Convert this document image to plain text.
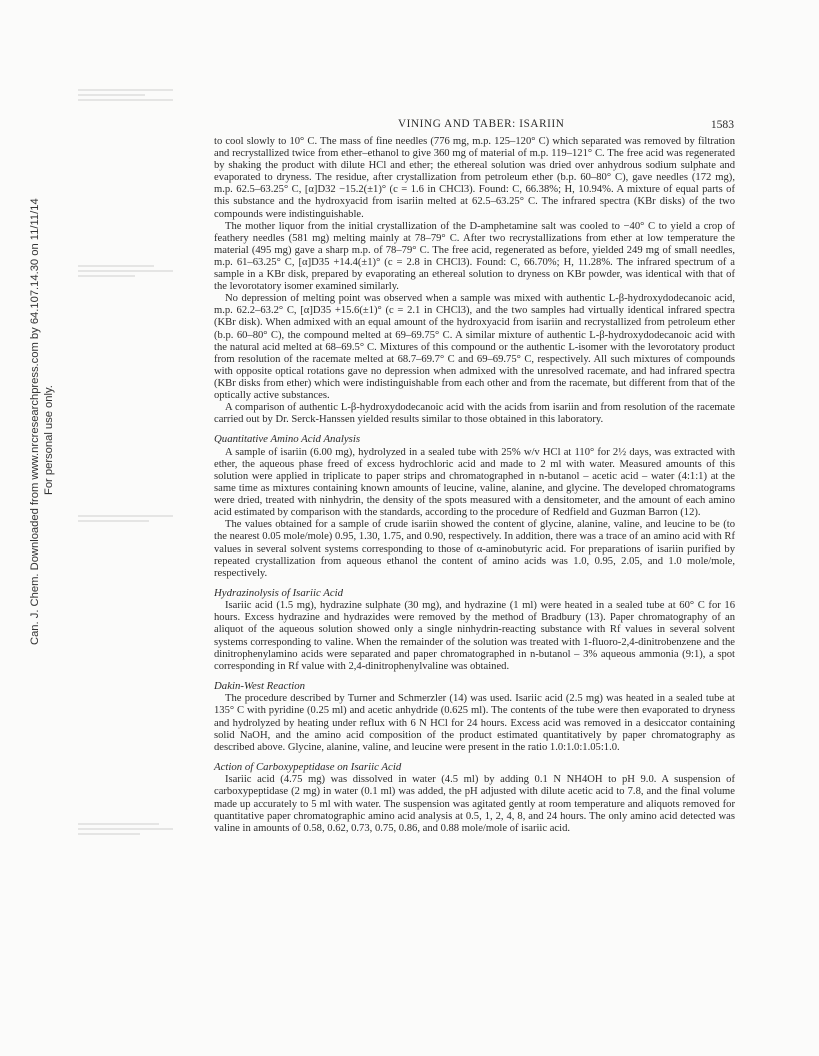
Can. J. Chem. Downloaded from www.nrcresearchpress.com by 64.107.14.30 on 11/11/14 For personal use only.
VINING AND TABER: ISARIIN	1583

to cool slowly to 10° C. The mass of fine needles (776 mg, m.p. 125–120° C) which separated was removed by filtration and recrystallized twice from ether–ethanol to give 360 mg of material of m.p. 119–121° C. The free acid was regenerated by shaking the product with dilute HCl and ether; the ethereal solution was dried over anhydrous sodium sulphate and evaporated to dryness. The residue, after crystallization from petroleum ether (b.p. 60–80° C), gave needles (172 mg), m.p. 62.5–63.25° C, [α]D32 −15.2(±1)° (c = 1.6 in CHCl3). Found: C, 66.38%; H, 10.94%. A mixture of equal parts of this substance and the hydroxyacid from isariin melted at 62.5–63.25° C. The infrared spectra (KBr disks) of the two compounds were indistinguishable.

The mother liquor from the initial crystallization of the D-amphetamine salt was cooled to −40° C to yield a crop of feathery needles (581 mg) melting mainly at 78–79° C. After two recrystallizations from ether at low temperature the material (495 mg) gave a sharp m.p. of 78–79° C. The free acid, regenerated as before, yielded 249 mg of small needles, m.p. 61–63.25° C, [α]D35 +14.4(±1)° (c = 2.8 in CHCl3). Found: C, 66.70%; H, 11.28%. The infrared spectrum of a sample in a KBr disk, prepared by evaporating an ethereal solution to dryness on KBr powder, was identical with that of the levorotatory isomer examined similarly.

No depression of melting point was observed when a sample was mixed with authentic L-β-hydroxydodecanoic acid, m.p. 62.2–63.2° C, [α]D35 +15.6(±1)° (c = 2.1 in CHCl3), and the two samples had virtually identical infrared spectra (KBr disk). When admixed with an equal amount of the hydroxyacid from isariin and recrystallized from petroleum ether (b.p. 60–80° C), the compound melted at 69–69.75° C. A similar mixture of authentic L-β-hydroxydodecanoic acid with the natural acid melted at 68–69.5° C. Mixtures of this compound or the authentic L-isomer with the levorotatory product from resolution of the racemate melted at 68.7–69.7° C and 69–69.75° C, respectively. All such mixtures of compounds with opposite optical rotations gave no depression when admixed with the unresolved racemate, and had infrared spectra (KBr disks from ether) which were indistinguishable from each other and from the racemate, but different from that of the optically active substances.

A comparison of authentic L-β-hydroxydodecanoic acid with the acids from isariin and from resolution of the racemate carried out by Dr. Serck-Hanssen yielded results similar to those obtained in this laboratory.

Quantitative Amino Acid Analysis

A sample of isariin (6.00 mg), hydrolyzed in a sealed tube with 25% w/v HCl at 110° for 2½ days, was extracted with ether, the aqueous phase freed of excess hydrochloric acid and made to 2 ml with water. Measured amounts of this solution were applied in triplicate to paper strips and chromatographed in n-butanol – acetic acid – water (4:1:1) at the same time as mixtures containing known amounts of leucine, valine, alanine, and glycine. The developed chromatograms were dried, treated with ninhydrin, the density of the spots measured with a densitometer, and the amount of each amino acid estimated by comparison with the standards, according to the procedure of Redfield and Guzman Barron (12).

The values obtained for a sample of crude isariin showed the content of glycine, alanine, valine, and leucine to be (to the nearest 0.05 mole/mole) 0.95, 1.30, 1.75, and 0.90, respectively. In addition, there was a trace of an amino acid with Rf values in several solvent systems corresponding to those of α-aminobutyric acid. For preparations of isariin purified by repeated crystallization from aqueous ethanol the content of amino acids was 1.0, 0.95, 2.05, and 1.0 mole/mole, respectively.

Hydrazinolysis of Isariic Acid

Isariic acid (1.5 mg), hydrazine sulphate (30 mg), and hydrazine (1 ml) were heated in a sealed tube at 60° C for 16 hours. Excess hydrazine and hydrazides were removed by the method of Bradbury (13). Paper chromatography of an aliquot of the aqueous solution showed only a single ninhydrin-reacting substance with Rf values in several solvent systems corresponding to valine. When the remainder of the solution was treated with 1-fluoro-2,4-dinitrobenzene and the dinitrophenylamino acids were separated and paper chromatographed in n-butanol – 3% aqueous ammonia (9:1), a spot corresponding in Rf value with 2,4-dinitrophenylvaline was obtained.

Dakin-West Reaction

The procedure described by Turner and Schmerzler (14) was used. Isariic acid (2.5 mg) was heated in a sealed tube at 135° C with pyridine (0.25 ml) and acetic anhydride (0.625 ml). The contents of the tube were then evaporated to dryness and hydrolyzed by heating under reflux with 6 N HCl for 24 hours. Excess acid was removed in a desiccator containing solid NaOH, and the amino acid composition of the product estimated quantitatively by paper chromatography as described above. Glycine, alanine, valine, and leucine were present in the ratio 1.0:1.0:1.05:1.0.

Action of Carboxypeptidase on Isariic Acid

Isariic acid (4.75 mg) was dissolved in water (4.5 ml) by adding 0.1 N NH4OH to pH 9.0. A suspension of carboxypeptidase (2 mg) in water (0.1 ml) was added, the pH adjusted with dilute acetic acid to 7.8, and the final volume made up accurately to 5 ml with water. The suspension was agitated gently at room temperature and aliquots removed for quantitative paper chromatographic amino acid analysis at 0.5, 1, 2, 4, 8, and 24 hours. The only amino acid detected was valine in amounts of 0.58, 0.62, 0.73, 0.75, 0.86, and 0.88 mole/mole of isariic acid.
